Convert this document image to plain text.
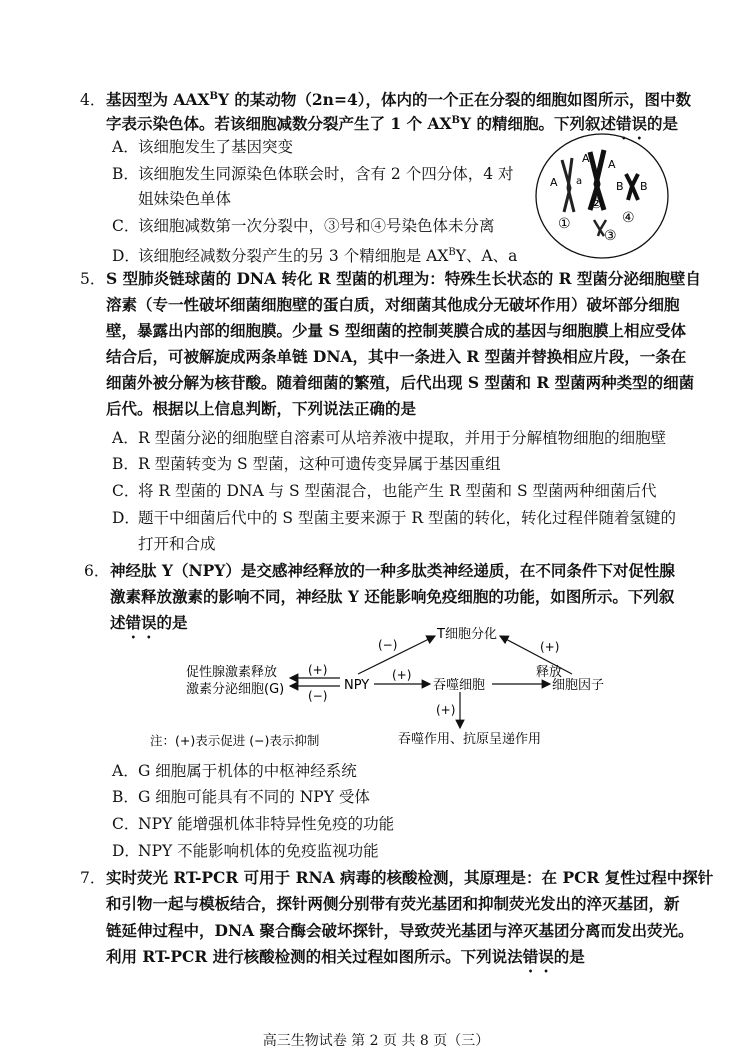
4．基因型为 $AAX^BY$ 的某动物（2n=4），体内的一个正在分裂的细胞如图所示，图中数
字表示染色体。若该细胞减数分裂产生了 1 个 $AX^BY$ 的精细胞。下列叙述错误的是
A．该细胞发生了基因突变
B．该细胞发生同源染色体联会时，含有 2 个四分体，4 对
姐妹染色单体
C．该细胞减数第一次分裂中，③号和④号染色体未分离
D．该细胞经减数分裂产生的另 3 个精细胞是 $AX^BY$、A、a
A a
A A
B B
①
②
③
④
5．S 型肺炎链球菌的 DNA 转化 R 型菌的机理为：特殊生长状态的 R 型菌分泌细胞壁自
溶素（专一性破坏细菌细胞壁的蛋白质，对细菌其他成分无破坏作用）破坏部分细胞
壁，暴露出内部的细胞膜。少量 S 型细菌的控制荚膜合成的基因与细胞膜上相应受体
结合后，可被解旋成两条单链 DNA，其中一条进入 R 型菌并替换相应片段，一条在
细菌外被分解为核苷酸。随着细菌的繁殖，后代出现 S 型菌和 R 型菌两种类型的细菌
后代。根据以上信息判断，下列说法正确的是
A．R 型菌分泌的细胞壁自溶素可从培养液中提取，并用于分解植物细胞的细胞壁
B．R 型菌转变为 S 型菌，这种可遗传变异属于基因重组
C．将 R 型菌的 DNA 与 S 型菌混合，也能产生 R 型菌和 S 型菌两种细菌后代
D．题干中细菌后代中的 S 型菌主要来源于 R 型菌的转化，转化过程伴随着氢键的
打开和合成
6．神经肽 Y（NPY）是交感神经释放的一种多肽类神经递质，在不同条件下对促性腺
激素释放激素的影响不同，神经肽 Y 还能影响免疫细胞的功能，如图所示。下列叙
述错误的是
T细胞分化
促性腺激素释放
激素分泌细胞(G)	NPY	吞噬细胞
释放
细胞因子
吞噬作用、抗原呈递作用
(−)	(+)
(+)
(−)
(+)
(+)
注：(+)表示促进 (−)表示抑制
A．G 细胞属于机体的中枢神经系统
B．G 细胞可能具有不同的 NPY 受体
C．NPY 能增强机体非特异性免疫的功能
D．NPY 不能影响机体的免疫监视功能
7．实时荧光 RT-PCR 可用于 RNA 病毒的核酸检测，其原理是：在 PCR 复性过程中探针
和引物一起与模板结合，探针两侧分别带有荧光基团和抑制荧光发出的淬灭基团，新
链延伸过程中，DNA 聚合酶会破坏探针，导致荧光基团与淬灭基团分离而发出荧光。
利用 RT-PCR 进行核酸检测的相关过程如图所示。下列说法错误的是
高三生物试卷 第 2 页 共 8 页（三）
